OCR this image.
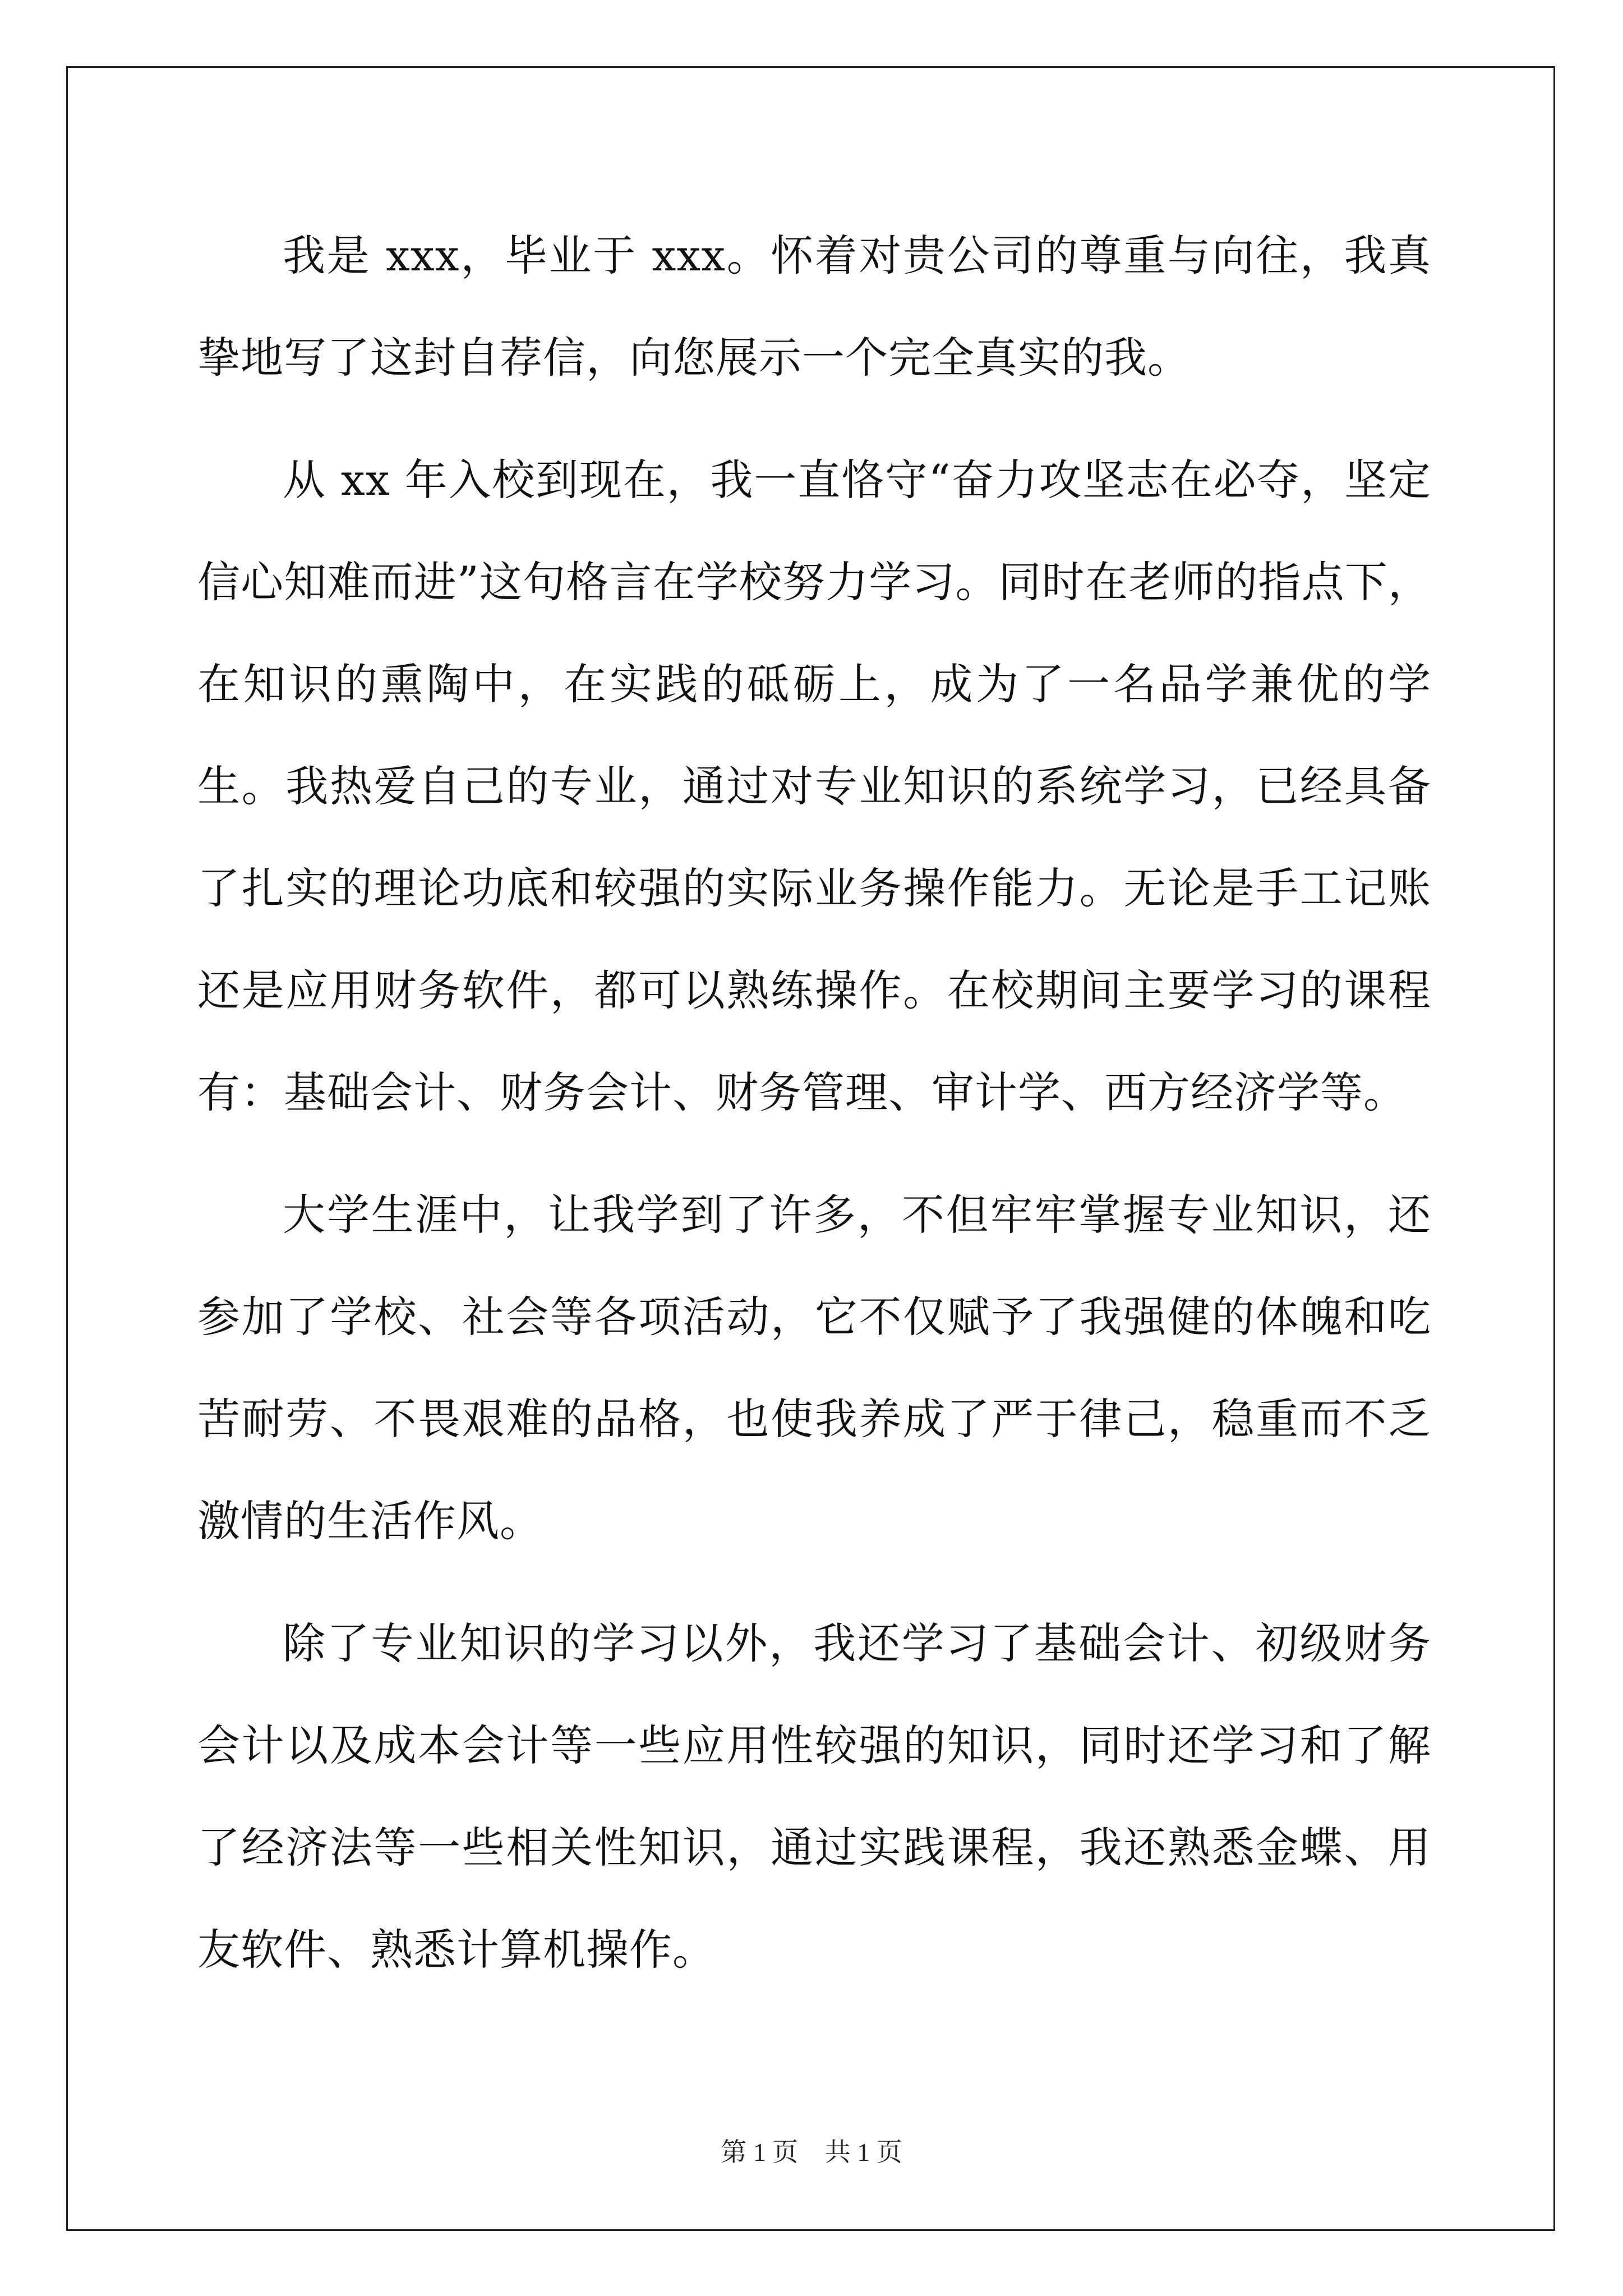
我是 xxx，毕业于 xxx。怀着对贵公司的尊重与向往，我真挚地写了这封自荐信，向您展示一个完全真实的我。

从 xx 年入校到现在，我一直恪守“奋力攻坚志在必夺，坚定信心知难而进”这句格言在学校努力学习。同时在老师的指点下，在知识的熏陶中，在实践的砥砺上，成为了一名品学兼优的学生。我热爱自己的专业，通过对专业知识的系统学习，已经具备了扎实的理论功底和较强的实际业务操作能力。无论是手工记账还是应用财务软件，都可以熟练操作。在校期间主要学习的课程有：基础会计、财务会计、财务管理、审计学、西方经济学等。

大学生涯中，让我学到了许多，不但牢牢掌握专业知识，还参加了学校、社会等各项活动，它不仅赋予了我强健的体魄和吃苦耐劳、不畏艰难的品格，也使我养成了严于律己，稳重而不乏激情的生活作风。

除了专业知识的学习以外，我还学习了基础会计、初级财务会计以及成本会计等一些应用性较强的知识，同时还学习和了解了经济法等一些相关性知识，通过实践课程，我还熟悉金蝶、用友软件、熟悉计算机操作。

第 1 页 共 1 页
